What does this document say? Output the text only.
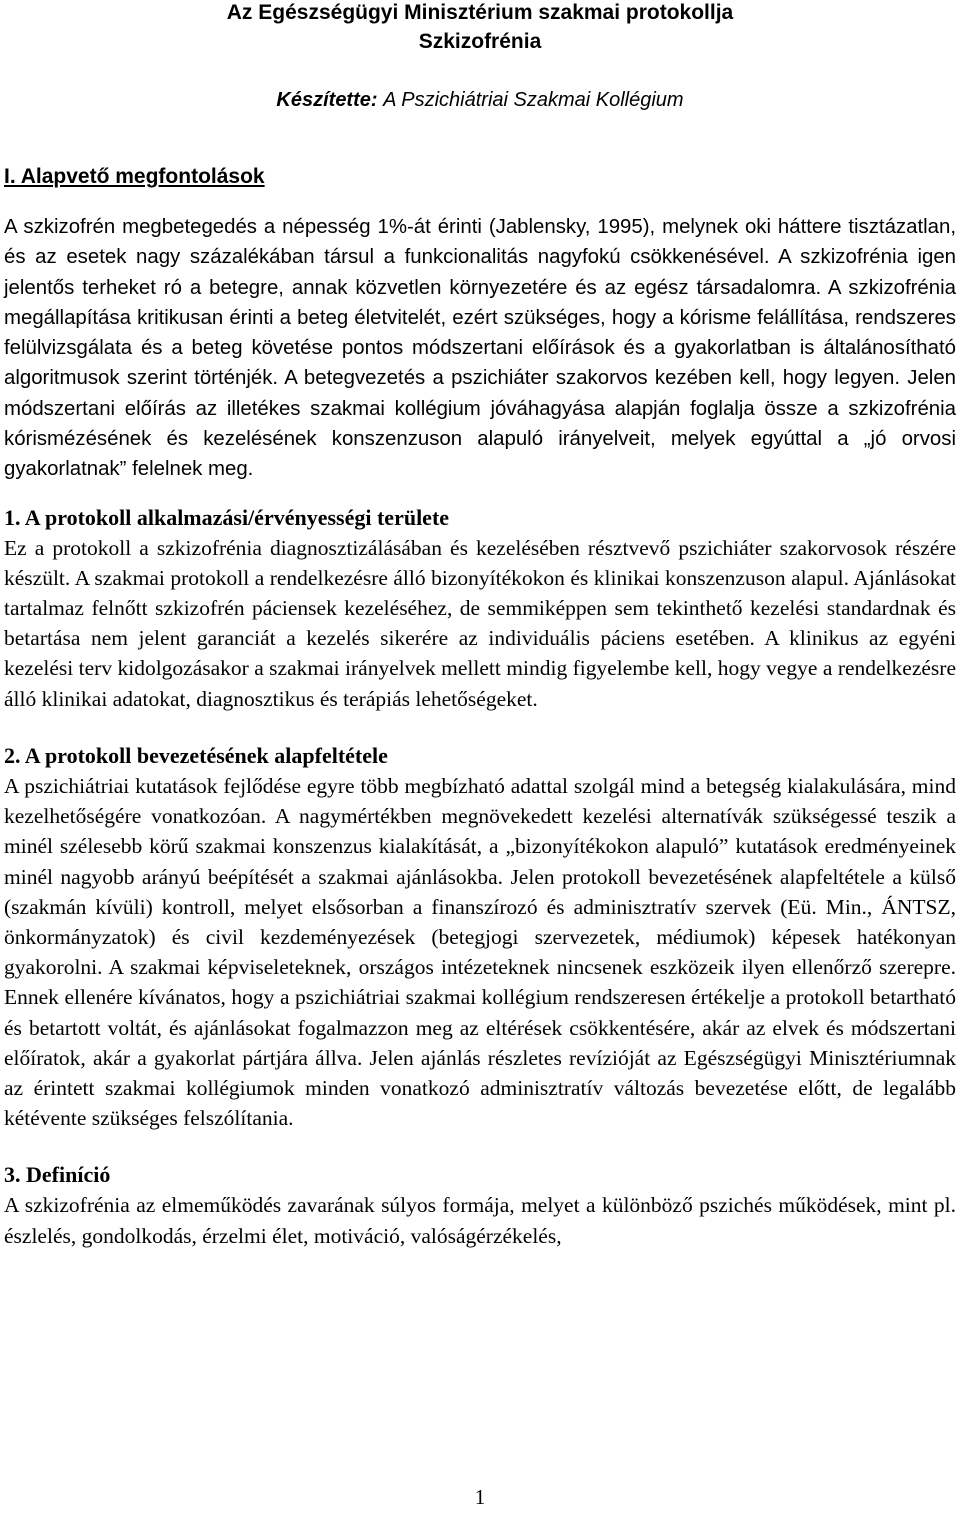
Az Egészségügyi Minisztérium szakmai protokollja
Szkizofrénia
Készítette: A Pszichiátriai Szakmai Kollégium
I. Alapvető megfontolások

A szkizofrén megbetegedés a népesség 1%-át érinti (Jablensky, 1995), melynek oki háttere tisztázatlan, és az esetek nagy százalékában társul a funkcionalitás nagyfokú csökkenésével. A szkizofrénia igen jelentős terheket ró a betegre, annak közvetlen környezetére és az egész társadalomra. A szkizofrénia megállapítása kritikusan érinti a beteg életvitelét, ezért szükséges, hogy a kórisme felállítása, rendszeres felülvizsgálata és a beteg követése pontos módszertani előírások és a gyakorlatban is általánosítható algoritmusok szerint történjék. A betegvezetés a pszichiáter szakorvos kezében kell, hogy legyen. Jelen módszertani előírás az illetékes szakmai kollégium jóváhagyása alapján foglalja össze a szkizofrénia kórismézésének és kezelésének konszenzuson alapuló irányelveit, melyek egyúttal a „jó orvosi gyakorlatnak” felelnek meg.

1. A protokoll alkalmazási/érvényességi területe

Ez a protokoll a szkizofrénia diagnosztizálásában és kezelésében résztvevő pszichiáter szakorvosok részére készült. A szakmai protokoll a rendelkezésre álló bizonyítékokon és klinikai konszenzuson alapul. Ajánlásokat tartalmaz felnőtt szkizofrén páciensek kezeléséhez, de semmiképpen sem tekinthető kezelési standardnak és betartása nem jelent garanciát a kezelés sikerére az individuális páciens esetében. A klinikus az egyéni kezelési terv kidolgozásakor a szakmai irányelvek mellett mindig figyelembe kell, hogy vegye a rendelkezésre álló klinikai adatokat, diagnosztikus és terápiás lehetőségeket.

2. A protokoll bevezetésének alapfeltétele

A pszichiátriai kutatások fejlődése egyre több megbízható adattal szolgál mind a betegség kialakulására, mind kezelhetőségére vonatkozóan. A nagymértékben megnövekedett kezelési alternatívák szükségessé teszik a minél szélesebb körű szakmai konszenzus kialakítását, a „bizonyítékokon alapuló” kutatások eredményeinek minél nagyobb arányú beépítését a szakmai ajánlásokba. Jelen protokoll bevezetésének alapfeltétele a külső (szakmán kívüli) kontroll, melyet elsősorban a finanszírozó és adminisztratív szervek (Eü. Min., ÁNTSZ, önkormányzatok) és civil kezdeményezések (betegjogi szervezetek, médiumok) képesek hatékonyan gyakorolni. A szakmai képviseleteknek, országos intézeteknek nincsenek eszközeik ilyen ellenőrző szerepre. Ennek ellenére kívánatos, hogy a pszichiátriai szakmai kollégium rendszeresen értékelje a protokoll betartható és betartott voltát, és ajánlásokat fogalmazzon meg az eltérések csökkentésére, akár az elvek és módszertani előíratok, akár a gyakorlat pártjára állva. Jelen ajánlás részletes revízióját az Egészségügyi Minisztériumnak az érintett szakmai kollégiumok minden vonatkozó adminisztratív változás bevezetése előtt, de legalább kétévente szükséges felszólítania.

3. Definíció

A szkizofrénia az elmeműködés zavarának súlyos formája, melyet a különböző pszichés működések, mint pl. észlelés, gondolkodás, érzelmi élet, motiváció, valóságérzékelés,

1
